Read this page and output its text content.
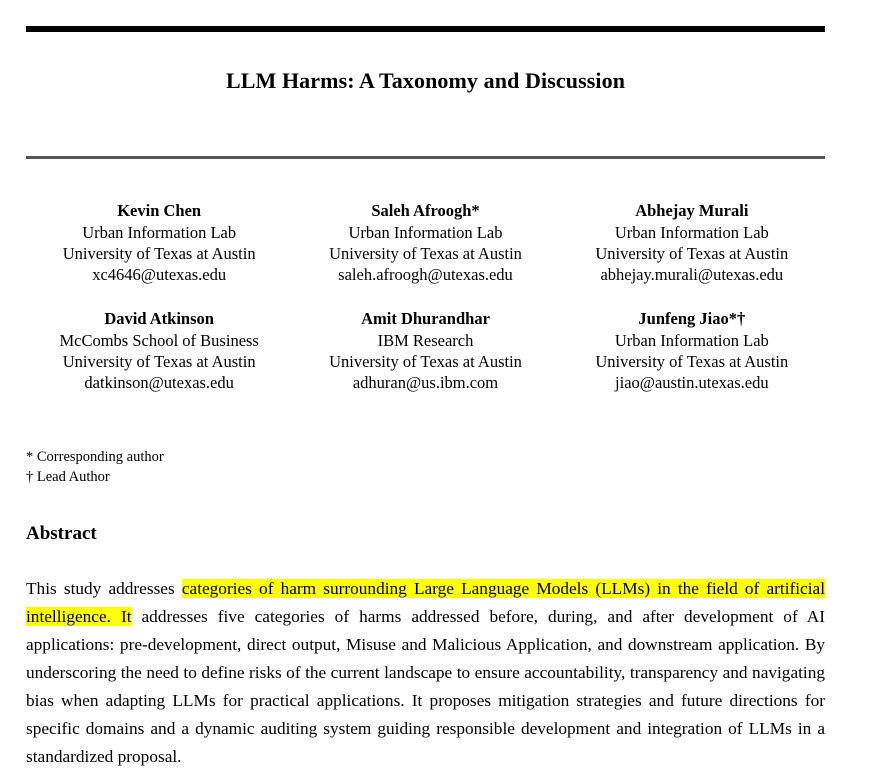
LLM Harms: A Taxonomy and Discussion
Kevin Chen
Urban Information Lab
University of Texas at Austin
xc4646@utexas.edu
Saleh Afroogh*
Urban Information Lab
University of Texas at Austin
saleh.afroogh@utexas.edu
Abhejay Murali
Urban Information Lab
University of Texas at Austin
abhejay.murali@utexas.edu
David Atkinson
McCombs School of Business
University of Texas at Austin
datkinson@utexas.edu
Amit Dhurandhar
IBM Research
University of Texas at Austin
adhuran@us.ibm.com
Junfeng Jiao*†
Urban Information Lab
University of Texas at Austin
jiao@austin.utexas.edu
* Corresponding author
† Lead Author
Abstract
This study addresses categories of harm surrounding Large Language Models (LLMs) in the field of artificial intelligence. It addresses five categories of harms addressed before, during, and after development of AI applications: pre-development, direct output, Misuse and Malicious Application, and downstream application. By underscoring the need to define risks of the current landscape to ensure accountability, transparency and navigating bias when adapting LLMs for practical applications. It proposes mitigation strategies and future directions for specific domains and a dynamic auditing system guiding responsible development and integration of LLMs in a standardized proposal.
